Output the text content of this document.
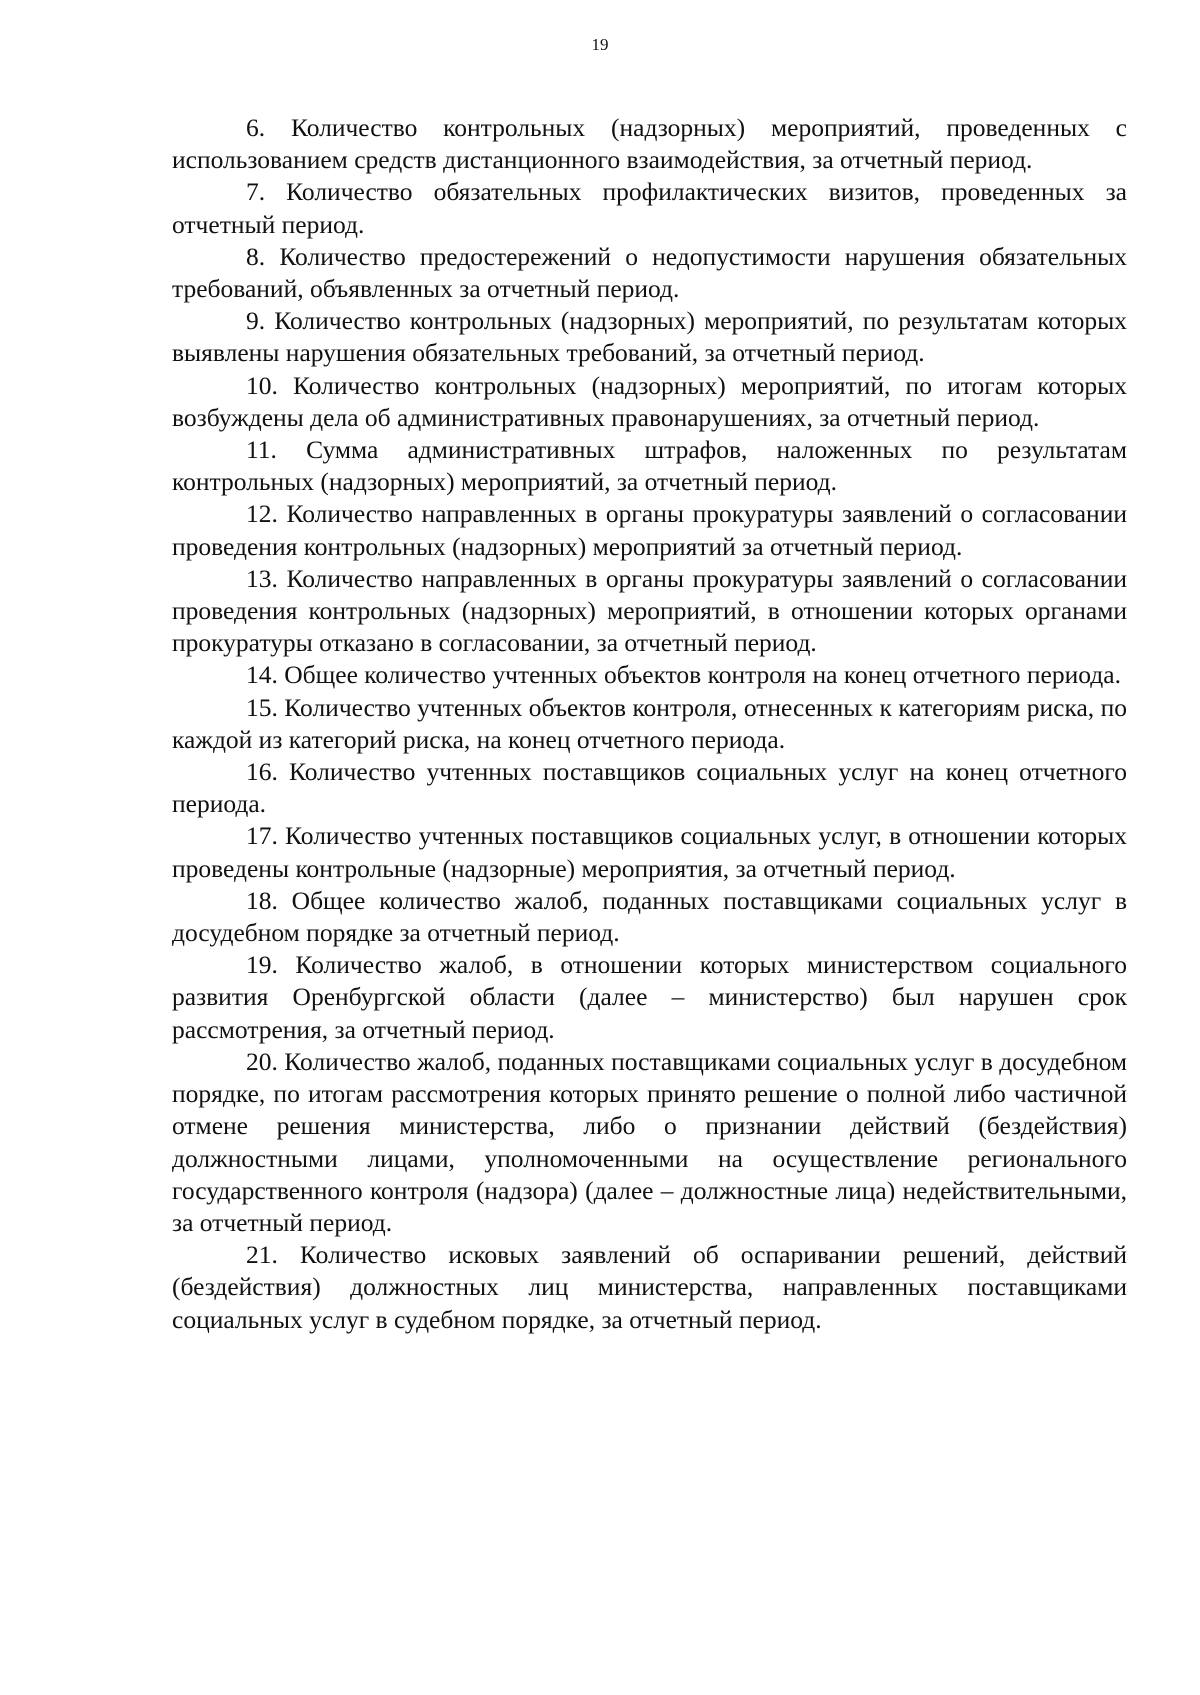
19

6. Количество контрольных (надзорных) мероприятий, проведенных с использованием средств дистанционного взаимодействия, за отчетный период.

7. Количество обязательных профилактических визитов, проведенных за отчетный период.

8. Количество предостережений о недопустимости нарушения обязательных требований, объявленных за отчетный период.

9. Количество контрольных (надзорных) мероприятий, по результатам которых выявлены нарушения обязательных требований, за отчетный период.

10. Количество контрольных (надзорных) мероприятий, по итогам которых возбуждены дела об административных правонарушениях, за отчетный период.

11. Сумма административных штрафов, наложенных по результатам контрольных (надзорных) мероприятий, за отчетный период.

12. Количество направленных в органы прокуратуры заявлений о согласовании проведения контрольных (надзорных) мероприятий за отчетный период.

13. Количество направленных в органы прокуратуры заявлений о согласовании проведения контрольных (надзорных) мероприятий, в отношении которых органами прокуратуры отказано в согласовании, за отчетный период.

14. Общее количество учтенных объектов контроля на конец отчетного периода.

15. Количество учтенных объектов контроля, отнесенных к категориям риска, по каждой из категорий риска, на конец отчетного периода.

16. Количество учтенных поставщиков социальных услуг на конец отчетного периода.

17. Количество учтенных поставщиков социальных услуг, в отношении которых проведены контрольные (надзорные) мероприятия, за отчетный период.

18. Общее количество жалоб, поданных поставщиками социальных услуг в досудебном порядке за отчетный период.

19. Количество жалоб, в отношении которых министерством социального развития Оренбургской области (далее – министерство) был нарушен срок рассмотрения, за отчетный период.

20. Количество жалоб, поданных поставщиками социальных услуг в досудебном порядке, по итогам рассмотрения которых принято решение о полной либо частичной отмене решения министерства, либо о признании действий (бездействия) должностными лицами, уполномоченными на осуществление регионального государственного контроля (надзора) (далее – должностные лица) недействительными, за отчетный период.

21. Количество исковых заявлений об оспаривании решений, действий (бездействия) должностных лиц министерства, направленных поставщиками социальных услуг в судебном порядке, за отчетный период.
